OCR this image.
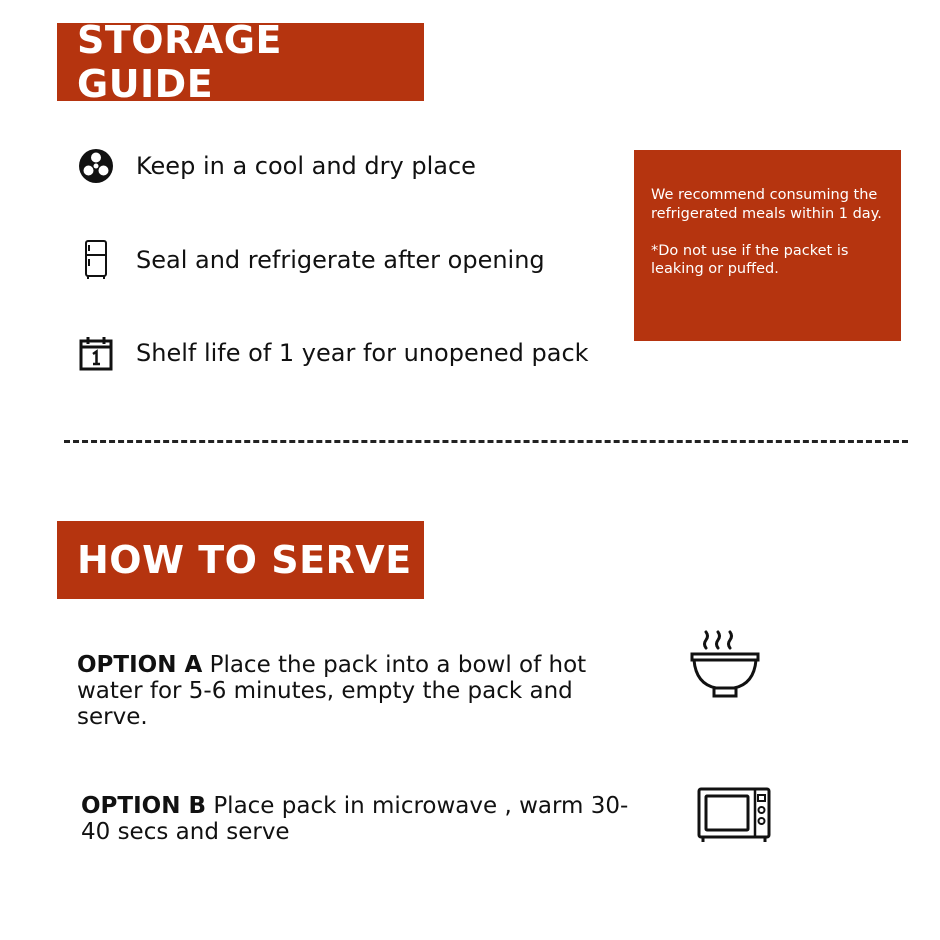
STORAGE GUIDE
Keep in a cool and dry place
Seal and refrigerate after opening
Shelf life of 1 year for unopened pack

We recommend consuming the refrigerated meals within 1 day.

*Do not use if the packet is leaking or puffed.

HOW TO SERVE
OPTION A Place the pack into a bowl of hot water for 5-6 minutes, empty the pack and serve.
OPTION B Place pack in microwave , warm 30-40 secs and serve
